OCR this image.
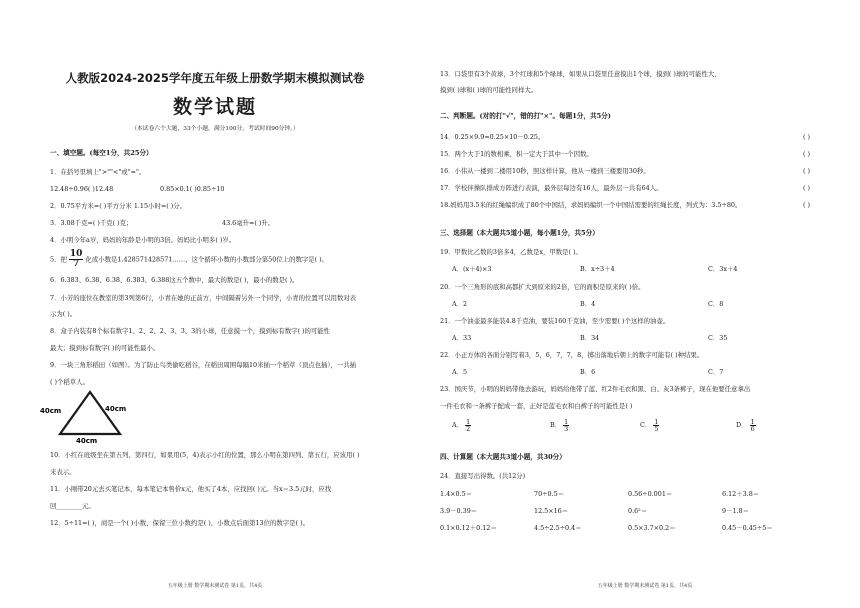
人教版2024-2025学年度五年级上册数学期末模拟测试卷
数学试题
（本试卷六个大题，33个小题，满分100分，考试时间90分钟。）
一、填空题。(每空1分，共25分）
1．在括号里填上">""<"或"="。
12.48÷0.96( )12.48	0.85×0.1( )0.85÷10
2．0.75平方米=( )平方分米 1.15小时=( )分。
3．3.08千克=( )千克( )克；	43.6毫升=( )升。
4．小明今年a岁，妈妈的年龄是小明的3倍。妈妈比小明多( )岁。
5．把 $\frac{10}{7}$ 化成小数是1.428571428571……，这个循环小数的小数部分第50位上的数字是( )。
6．6.383、6.38、6.38̇、6.3̇83̇、6.388这五个数中，最大的数是( )，最小的数是( )。
7．小芳的座位在教室的第3列第6行，小青在她的正前方，中间隔着另外一个同学，小青的位置可以用数对表
示为( )。
8．盒子内装有8个标有数字1、2、2、2、3、3、3的小球，任意摸一个，摸到标有数字( )的可能性
最大；摸到标有数字( )的可能性最小。
9．一块三角形稻田（如图）。为了防止鸟类偷吃稻谷，在稻田周围每隔10米插一个稻草（顶点也插），一共插
( )个稻草人。
40cm	40cm
40cm
10．小红在班级坐在第五列、第四行，如果用(5，4)表示小红的位置，那么小明在第四列、第五行，应该用( )
来表示。
11．小刚带20元去买笔记本，每本笔记本售价x元，他买了4本，应找回( )元。当x＝3.5元时，应找
回________元。
12．5÷11=( )，商是一个( )小数，保留三位小数约是( )，小数点后面第13位的数字是( )。
五年级上册 数学期末测试卷 第1页，共4页
13．口袋里有3个黄球，3个红球和5个绿球，如果从口袋里任意摸出1个球，摸到( )球的可能性大，
摸到( )球和( )球的可能性同样大。
二、判断题。(对的打"√"，错的打"×"。每题1分，共5分)
14．0.25×9.9=0.25×10－0.25。	( )
15．两个大于1的数相乘，积一定大于其中一个因数。	( )
16．小伟从一楼到二楼用10秒，照这样计算，他从一楼到三楼要用30秒。	( )
17．学校伴操队排成方阵进行表演，最外层每边有16人，最外层一共有64人。	( )
18.妈妈用3.5米的红绳编织成了80个中国结，求妈妈编织一个中国结需要的红绳长度，列式为：3.5÷80。	( )
三、选择题（本大题共5道小题，每小题1分，共5分）
19．甲数比乙数的3倍多4，乙数是x，甲数是( )。
A．(x＋4)×3	B．x÷3＋4	C．3x＋4
20．一个三角形的底和高都扩大到原来的2倍，它的面积是原来的( )倍。
A．2	B．4	C．8
21．一个油壶最多能装4.8千克油，要装160千克油，至少需要( )个这样的油壶。
A．33	B．34	C．35
22．小正方体的各面分别写着3，5，6，7，7，8，掷出落地后朝上的数字可能有( )种结果。
A．5	B．6	C．7
23．国庆节，小明的妈妈带他去游玩，妈妈给他带了蓝、红2件毛衣和黑、白、灰3条裤子，现在他要任意拿出
一件毛衣和一条裤子配成一套，正好是蓝毛衣和白裤子的可能性是( )
A． $\frac{1}{2}$	B． $\frac{1}{3}$	C． $\frac{1}{5}$	D． $\frac{1}{6}$
四、计算题（本大题共3道小题，共30分）
24．直接写出得数。(共12分)
1.4×0.5＝	70÷0.5＝	0.56÷0.001＝	6.12＋3.8＝
3.9－0.39＝	12.5×16＝	0.6²＝	9－1.8＝
0.1×0.12＋0.12＝	4.5÷2.5÷0.4＝	0.5×3.7×0.2＝	0.45－0.45÷5＝
五年级上册 数学期末测试卷 第1页，共4页
